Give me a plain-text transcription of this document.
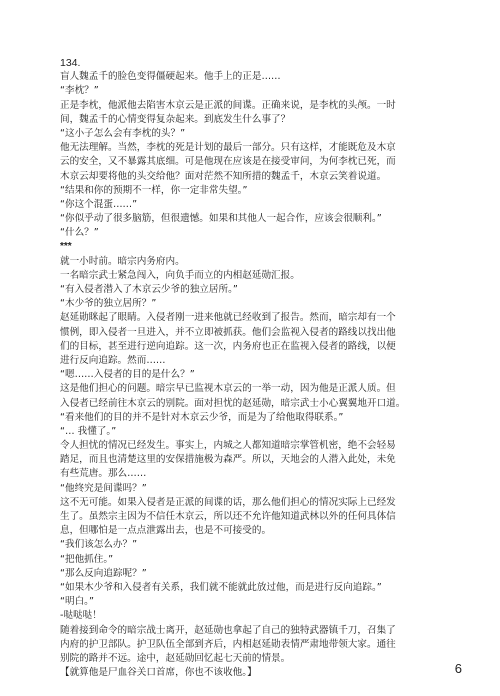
134.
盲人魏孟千的脸色变得僵硬起来。他手上的正是……
“李枕？”
正是李枕，他派他去陷害木京云是正派的间谍。正确来说，是李枕的头颅。一时
间，魏孟千的心情变得复杂起来。到底发生什么事了？
“这小子怎么会有李枕的头？”
他无法理解。当然，李枕的死是计划的最后一部分。只有这样，才能既危及木京
云的安全，又不暴露其底细。可是他现在应该是在接受审问，为何李枕已死，而
木京云却要将他的头交给他？面对茫然不知所措的魏孟千，木京云笑着说道。
“结果和你的预期不一样，你一定非常失望。”
“你这个混蛋……”
“你似乎动了很多脑筋，但很遗憾。如果和其他人一起合作，应该会很顺利。”
“什么？”
***
就一小时前。暗宗内务府内。
一名暗宗武士紧急闯入，向负手而立的内相赵延勋汇报。
“有入侵者潜入了木京云少爷的独立居所。”
“木少爷的独立居所？”
赵延勋眯起了眼睛。入侵者刚一进来他就已经收到了报告。然而，暗宗却有一个
惯例，即入侵者一旦进入，并不立即被抓获。他们会监视入侵者的路线以找出他
们的目标，甚至进行逆向追踪。这一次，内务府也正在监视入侵者的路线，以便
进行反向追踪。然而……
“嗯……入侵者的目的是什么？”
这是他们担心的问题。暗宗早已监视木京云的一举一动，因为他是正派人质。但
入侵者已经前往木京云的别院。面对担忧的赵延勋，暗宗武士小心翼翼地开口道。
“看来他们的目的并不是针对木京云少爷，而是为了给他取得联系。”
“… 我懂了。”
令人担忧的情况已经发生。事实上，内城之人都知道暗宗掌管机密，绝不会轻易
踏足，而且也清楚这里的安保措施极为森严。所以，天地会的人潜入此处，未免
有些荒唐。那么……
“他终究是间谍吗？”
这不无可能。如果入侵者是正派的间谍的话，那么他们担心的情况实际上已经发
生了。虽然宗主因为不信任木京云，所以还不允许他知道武林以外的任何具体信
息，但哪怕是一点点泄露出去，也是不可接受的。
“我们该怎么办？”
“把他抓住。”
“那么反向追踪呢？”
“如果木少爷和入侵者有关系，我们就不能就此放过他，而是进行反向追踪。”
“明白。”
-哒哒哒！
随着接到命令的暗宗战士离开，赵延勋也拿起了自己的独特武器镇千刀，召集了
内府的护卫部队。护卫队伍全部到齐后，内相赵延勋表情严肃地带领大家。通往
别院的路并不远。途中，赵延勋回忆起七天前的情景。
【就算他是尸血谷关口首席，你也不该收他。】	6
